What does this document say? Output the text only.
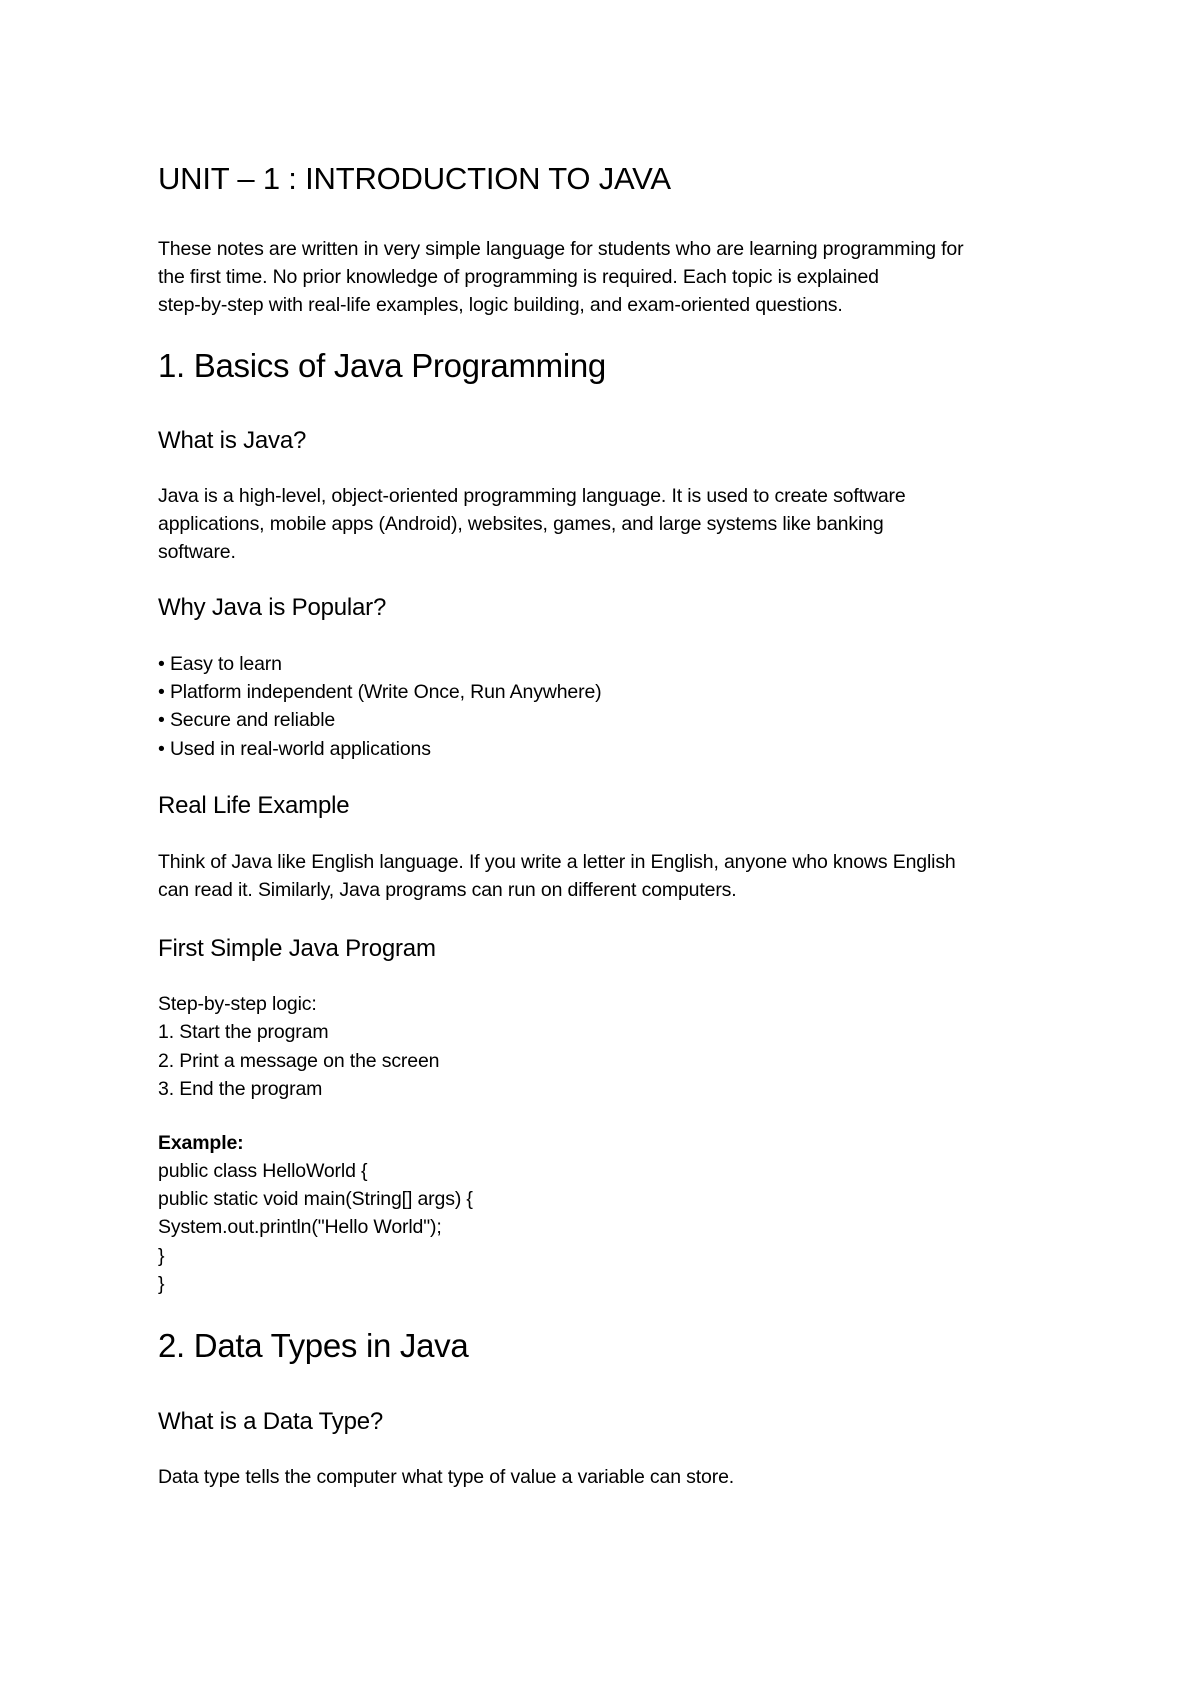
UNIT – 1 : INTRODUCTION TO JAVA

These notes are written in very simple language for students who are learning programming for

the first time. No prior knowledge of programming is required. Each topic is explained

step-by-step with real-life examples, logic building, and exam-oriented questions.

1. Basics of Java Programming
What is Java?

Java is a high-level, object-oriented programming language. It is used to create software

applications, mobile apps (Android), websites, games, and large systems like banking

software.

Why Java is Popular?

• Easy to learn

• Platform independent (Write Once, Run Anywhere)

• Secure and reliable

• Used in real-world applications

Real Life Example

Think of Java like English language. If you write a letter in English, anyone who knows English

can read it. Similarly, Java programs can run on different computers.

First Simple Java Program

Step-by-step logic:

1. Start the program

2. Print a message on the screen

3. End the program

Example:

public class HelloWorld {
public static void main(String[] args) {
System.out.println("Hello World");
}
}
2. Data Types in Java
What is a Data Type?

Data type tells the computer what type of value a variable can store.
